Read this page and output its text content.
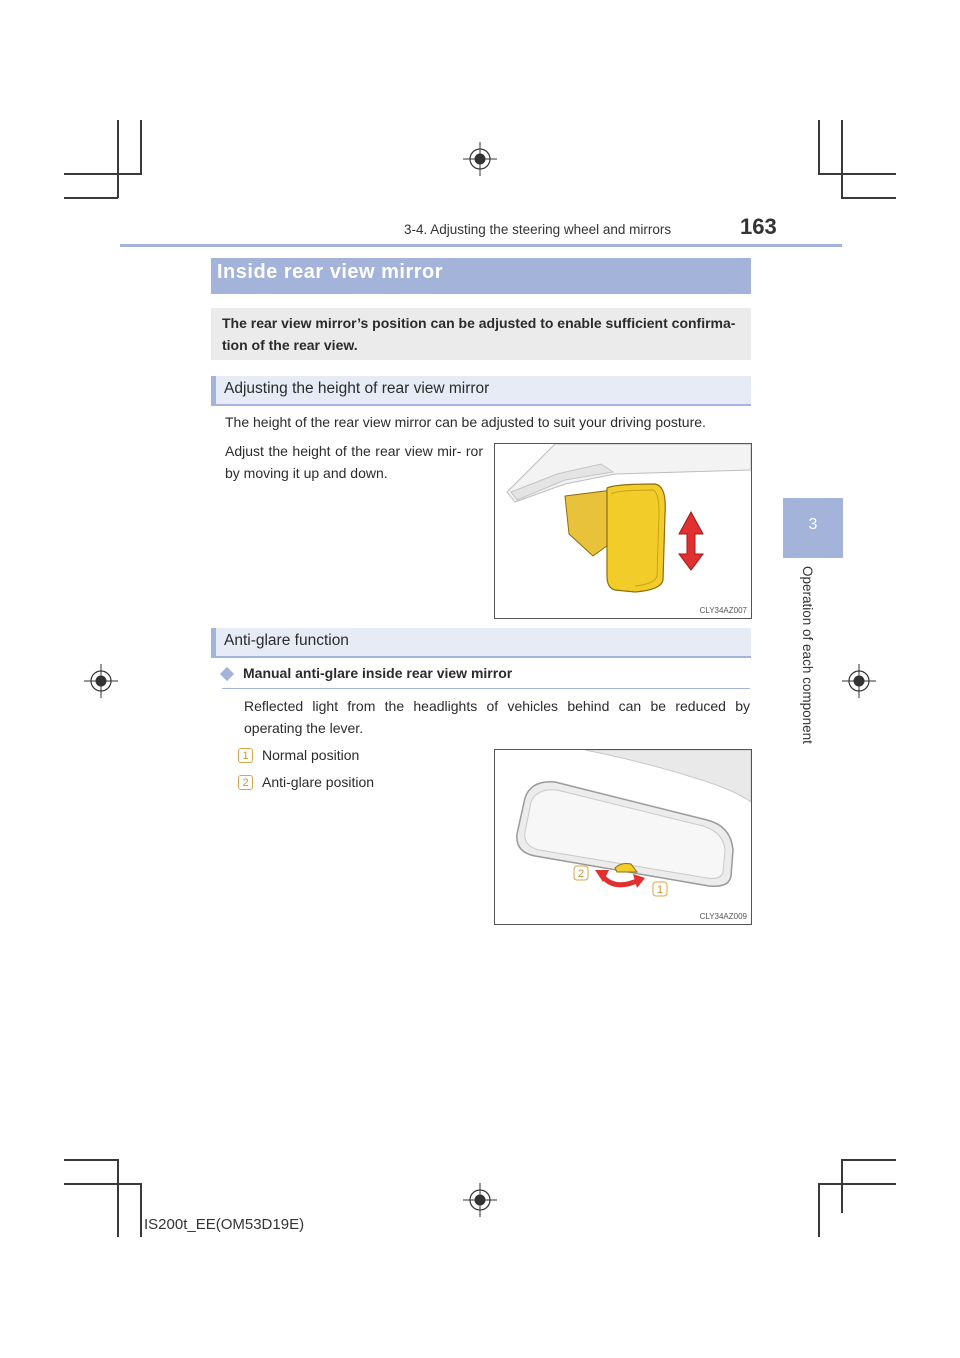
3-4. Adjusting the steering wheel and mirrors	163
3
Operation of each component
Inside rear view mirror
The rear view mirror’s position can be adjusted to enable sufficient confirma- tion of the rear view.
Adjusting the height of rear view mirror
The height of the rear view mirror can be adjusted to suit your driving posture.
Adjust the height of the rear view mir- ror by moving it up and down.
CLY34AZ007
Anti-glare function
Manual anti-glare inside rear view mirror
Reflected light from the headlights of vehicles behind can be reduced by operating the lever.
1 Normal position
2 Anti-glare position
2
1
CLY34AZ009
IS200t_EE(OM53D19E)
